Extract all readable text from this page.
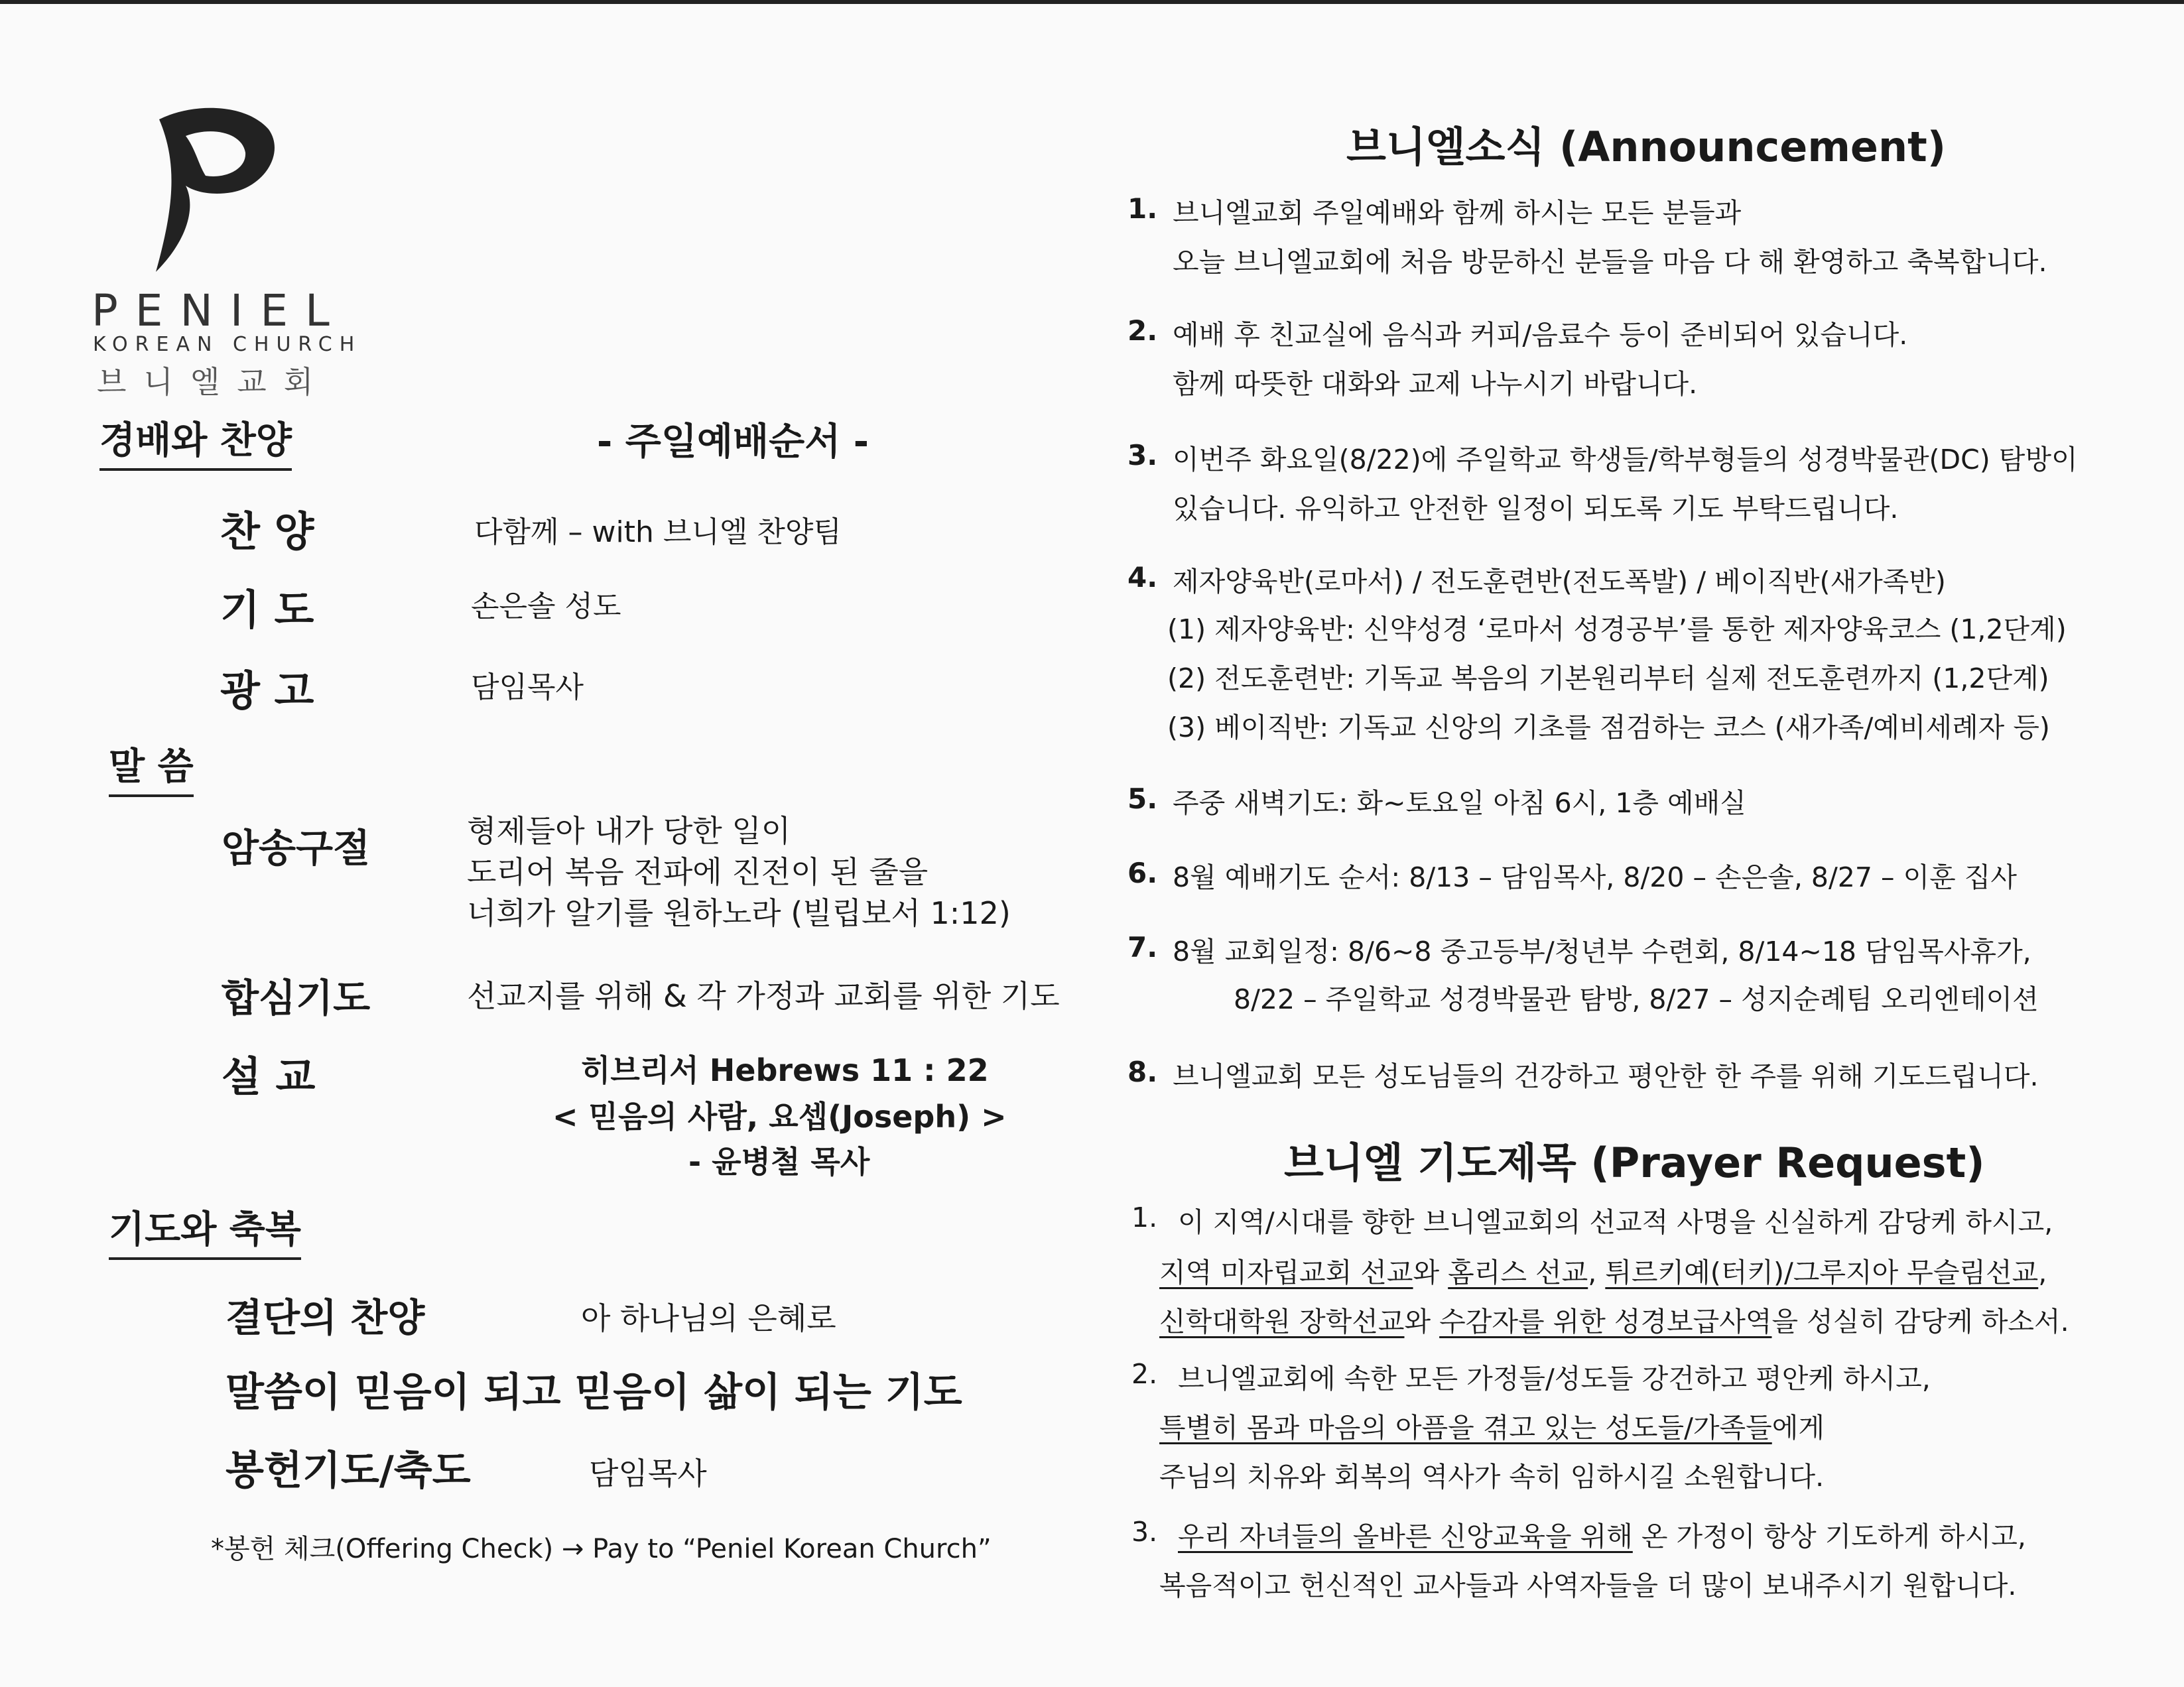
PENIEL
KOREAN CHURCH
브니엘교회
경배와 찬양	- 주일예배순서 -
찬 양	다함께 – with 브니엘 찬양팀
기 도	손은솔 성도
광 고	담임목사
말 씀
암송구절	형제들아 내가 당한 일이
도리어 복음 전파에 진전이 된 줄을
너희가 알기를 원하노라 (빌립보서 1:12)
합심기도	선교지를 위해 & 각 가정과 교회를 위한 기도
설 교	히브리서 Hebrews 11 : 22
< 믿음의 사람, 요셉(Joseph) >
- 윤병철 목사
기도와 축복
결단의 찬양	아 하나님의 은혜로
말씀이 믿음이 되고 믿음이 삶이 되는 기도
봉헌기도/축도	담임목사
*봉헌 체크(Offering Check) → Pay to “Peniel Korean Church”
브니엘소식 (Announcement)
1. 브니엘교회 주일예배와 함께 하시는 모든 분들과
오늘 브니엘교회에 처음 방문하신 분들을 마음 다 해 환영하고 축복합니다.
2. 예배 후 친교실에 음식과 커피/음료수 등이 준비되어 있습니다.
함께 따뜻한 대화와 교제 나누시기 바랍니다.
3. 이번주 화요일(8/22)에 주일학교 학생들/학부형들의 성경박물관(DC) 탐방이
있습니다. 유익하고 안전한 일정이 되도록 기도 부탁드립니다.
4. 제자양육반(로마서) / 전도훈련반(전도폭발) / 베이직반(새가족반)
(1) 제자양육반: 신약성경 ‘로마서 성경공부’를 통한 제자양육코스 (1,2단계)
(2) 전도훈련반: 기독교 복음의 기본원리부터 실제 전도훈련까지 (1,2단계)
(3) 베이직반: 기독교 신앙의 기초를 점검하는 코스 (새가족/예비세례자 등)
5. 주중 새벽기도: 화~토요일 아침 6시, 1층 예배실
6. 8월 예배기도 순서: 8/13 – 담임목사, 8/20 – 손은솔, 8/27 – 이훈 집사
7. 8월 교회일정: 8/6~8 중고등부/청년부 수련회, 8/14~18 담임목사휴가,
8/22 – 주일학교 성경박물관 탐방, 8/27 – 성지순례팀 오리엔테이션
8. 브니엘교회 모든 성도님들의 건강하고 평안한 한 주를 위해 기도드립니다.
브니엘 기도제목 (Prayer Request)
1. 이 지역/시대를 향한 브니엘교회의 선교적 사명을 신실하게 감당케 하시고,
지역 미자립교회 선교와 홈리스 선교, 튀르키예(터키)/그루지아 무슬림선교,
신학대학원 장학선교와 수감자를 위한 성경보급사역을 성실히 감당케 하소서.
2. 브니엘교회에 속한 모든 가정들/성도들 강건하고 평안케 하시고,
특별히 몸과 마음의 아픔을 겪고 있는 성도들/가족들에게
주님의 치유와 회복의 역사가 속히 임하시길 소원합니다.
3. 우리 자녀들의 올바른 신앙교육을 위해 온 가정이 항상 기도하게 하시고,
복음적이고 헌신적인 교사들과 사역자들을 더 많이 보내주시기 원합니다.
